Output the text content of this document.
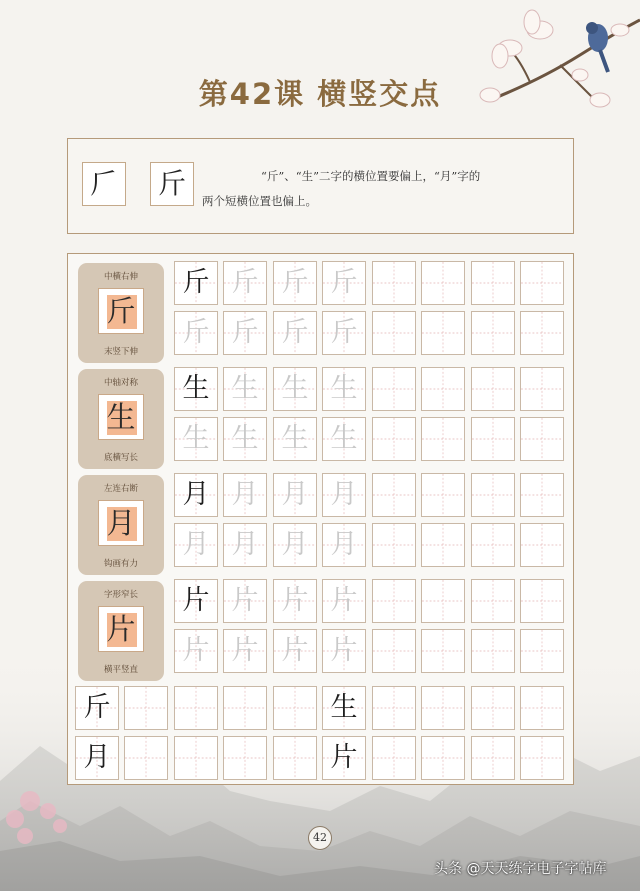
第42课 横竖交点
𠂆 斤	“斤”、“生”二字的横位置要偏上，“月”字的
两个短横位置也偏上。
中横右伸
斤
末竖下伸
中轴对称
生
底横写长
左连右断
月
钩画有力
字形窄长
片
横平竖直
斤 斤 斤 斤
斤 斤 斤 斤
生 生 生 生
生 生 生 生
月 月 月 月
月 月 月 月
片 片 片 片
片 片 片 片
斤	生
月	片
42
头条 @天天练字电子字帖库
